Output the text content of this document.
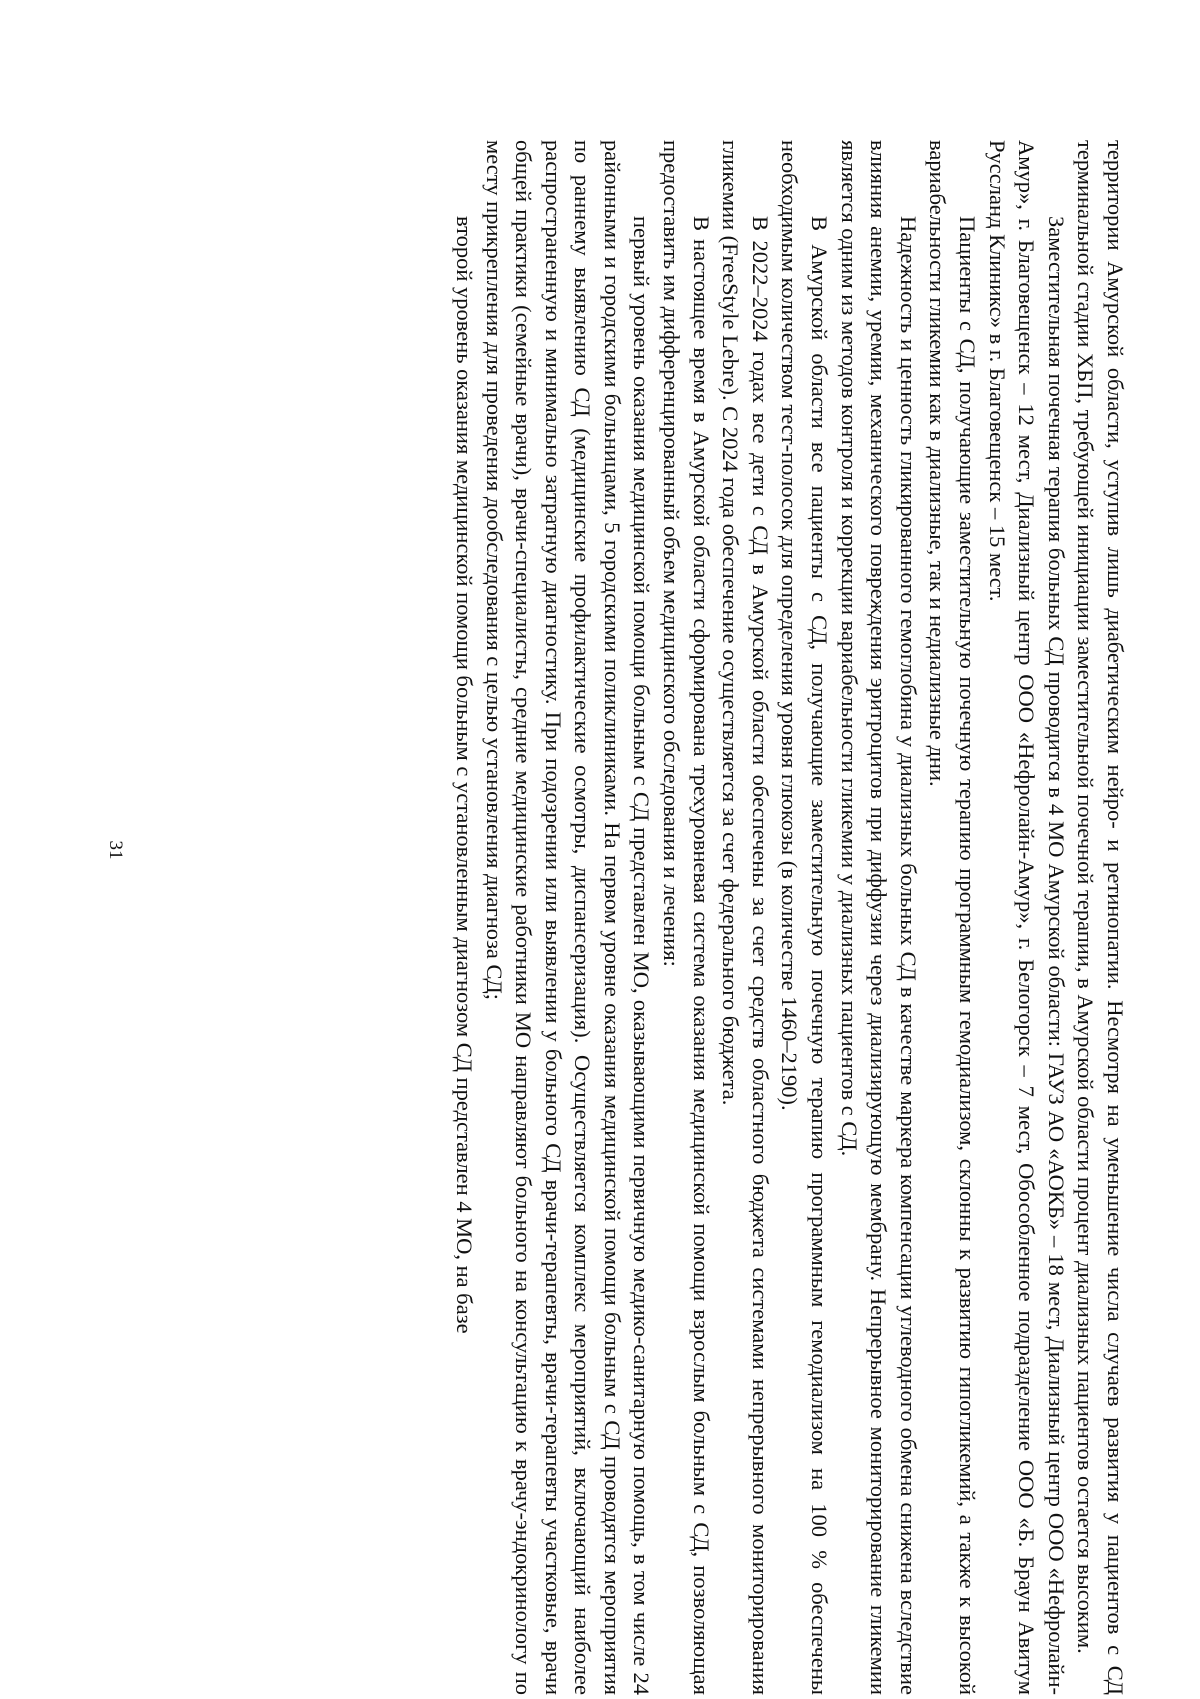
31	территории Амурской области, уступив лишь диабетическим нейро- и ретинопатии. Несмотря на уменьшение числа случаев развития у пациентов с СД терминальной стадии ХБП, требующей инициации заместительной почечной терапии, в Амурской области процент диализных пациентов остается высоким.

Заместительная почечная терапия больных СД проводится в 4 МО Амурской области: ГАУЗ АО «АОКБ» – 18 мест, Диализный центр ООО «Нефролайн-Амур», г. Благовещенск – 12 мест, Диализный центр ООО «Нефролайн-Амур», г. Белогорск – 7 мест, Обособленное подразделение ООО «Б. Браун Авитум Руссланд Клиникс» в г. Благовещенск – 15 мест.

Пациенты с СД, получающие заместительную почечную терапию программным гемодиализом, склонны к развитию гипогликемий, а также к высокой вариабельности гликемии как в диализные, так и недиализные дни.

Надежность и ценность гликированного гемоглобина у диализных больных СД в качестве маркера компенсации углеводного обмена снижена вследствие влияния анемии, уремии, механического повреждения эритроцитов при диффузии через диализирующую мембрану. Непрерывное мониторирование гликемии является одним из методов контроля и коррекции вариабельности гликемии у диализных пациентов с СД.

В Амурской области все пациенты с СД, получающие заместительную почечную терапию программным гемодиализом на 100 % обеспечены необходимым количеством тест-полосок для определения уровня глюкозы (в количестве 1460–2190).

В 2022–2024 годах все дети с СД в Амурской области обеспечены за счет средств областного бюджета системами непрерывного мониторирования гликемии (FreeStyle Lebre). С 2024 года обеспечение осуществляется за счет федерального бюджета.

В настоящее время в Амурской области сформирована трехуровневая система оказания медицинской помощи взрослым больным с СД, позволяющая предоставить им дифференцированный объем медицинского обследования и лечения:

первый уровень оказания медицинской помощи больным с СД представлен МО, оказывающими первичную медико-санитарную помощь, в том числе 24 районными и городскими больницами, 5 городскими поликлиниками. На первом уровне оказания медицинской помощи больным с СД проводятся мероприятия по раннему выявлению СД (медицинские профилактические осмотры, диспансеризация). Осуществляется комплекс мероприятий, включающий наиболее распространенную и минимально затратную диагностику. При подозрении или выявлении у больного СД врачи-терапевты, врачи-терапевты участковые, врачи общей практики (семейные врачи), врачи-специалисты, средние медицинские работники МО направляют больного на консультацию к врачу-эндокринологу по месту прикрепления для проведения дообследования с целью установления диагноза СД;

второй уровень оказания медицинской помощи больным с установленным диагнозом СД представлен 4 МО, на базе
